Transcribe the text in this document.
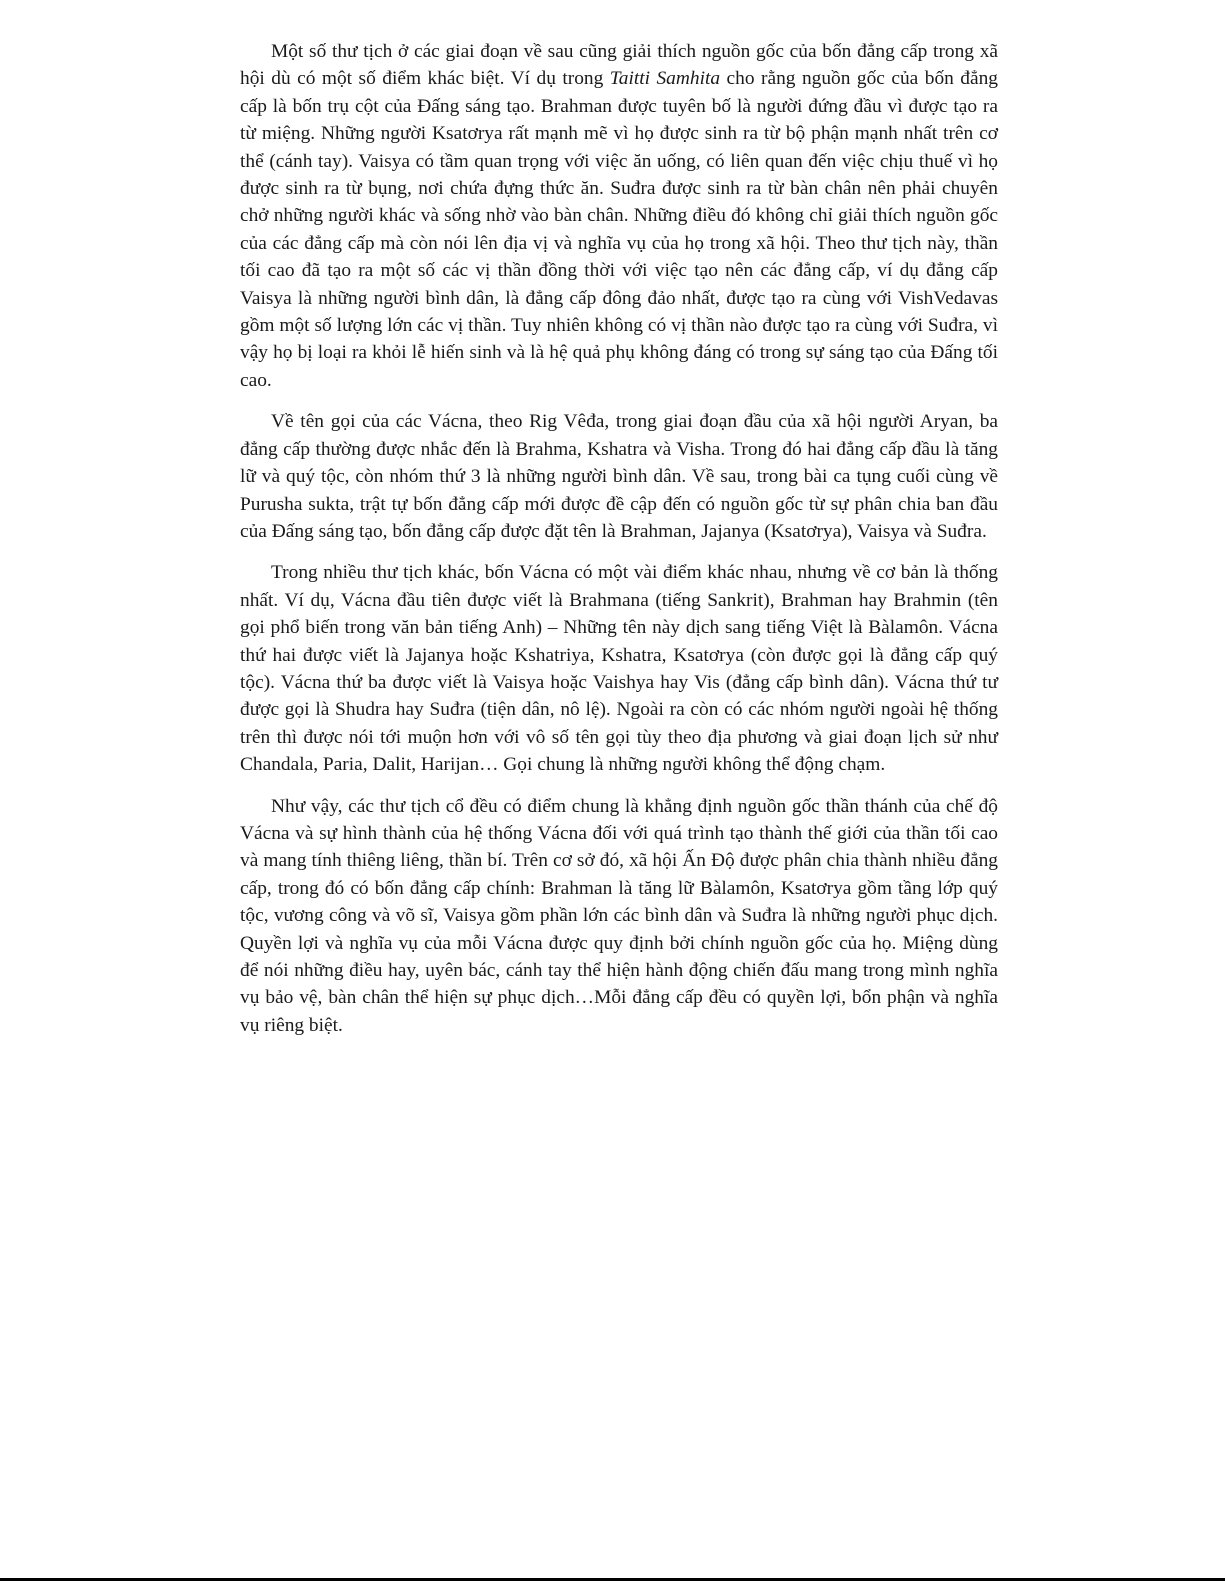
Một số thư tịch ở các giai đoạn về sau cũng giải thích nguồn gốc của bốn đẳng cấp trong xã hội dù có một số điểm khác biệt. Ví dụ trong Taitti Samhita cho rằng nguồn gốc của bốn đẳng cấp là bốn trụ cột của Đấng sáng tạo. Brahman được tuyên bố là người đứng đầu vì được tạo ra từ miệng. Những người Ksatơrya rất mạnh mẽ vì họ được sinh ra từ bộ phận mạnh nhất trên cơ thể (cánh tay). Vaisya có tầm quan trọng với việc ăn uống, có liên quan đến việc chịu thuế vì họ được sinh ra từ bụng, nơi chứa đựng thức ăn. Suđra được sinh ra từ bàn chân nên phải chuyên chở những người khác và sống nhờ vào bàn chân. Những điều đó không chỉ giải thích nguồn gốc của các đẳng cấp mà còn nói lên địa vị và nghĩa vụ của họ trong xã hội. Theo thư tịch này, thần tối cao đã tạo ra một số các vị thần đồng thời với việc tạo nên các đẳng cấp, ví dụ đẳng cấp Vaisya là những người bình dân, là đẳng cấp đông đảo nhất, được tạo ra cùng với VishVedavas gồm một số lượng lớn các vị thần. Tuy nhiên không có vị thần nào được tạo ra cùng với Suđra, vì vậy họ bị loại ra khỏi lễ hiến sinh và là hệ quả phụ không đáng có trong sự sáng tạo của Đấng tối cao.

Về tên gọi của các Vácna, theo Rig Vêđa, trong giai đoạn đầu của xã hội người Aryan, ba đẳng cấp thường được nhắc đến là Brahma, Kshatra và Visha. Trong đó hai đẳng cấp đầu là tăng lữ và quý tộc, còn nhóm thứ 3 là những người bình dân. Về sau, trong bài ca tụng cuối cùng về Purusha sukta, trật tự bốn đẳng cấp mới được đề cập đến có nguồn gốc từ sự phân chia ban đầu của Đấng sáng tạo, bốn đẳng cấp được đặt tên là Brahman, Jajanya (Ksatơrya), Vaisya và Suđra.

Trong nhiều thư tịch khác, bốn Vácna có một vài điểm khác nhau, nhưng về cơ bản là thống nhất. Ví dụ, Vácna đầu tiên được viết là Brahmana (tiếng Sankrit), Brahman hay Brahmin (tên gọi phổ biến trong văn bản tiếng Anh) – Những tên này dịch sang tiếng Việt là Bàlamôn. Vácna thứ hai được viết là Jajanya hoặc Kshatriya, Kshatra, Ksatơrya (còn được gọi là đẳng cấp quý tộc). Vácna thứ ba được viết là Vaisya hoặc Vaishya hay Vis (đẳng cấp bình dân). Vácna thứ tư được gọi là Shudra hay Suđra (tiện dân, nô lệ). Ngoài ra còn có các nhóm người ngoài hệ thống trên thì được nói tới muộn hơn với vô số tên gọi tùy theo địa phương và giai đoạn lịch sử như Chandala, Paria, Dalit, Harijan… Gọi chung là những người không thể động chạm.

Như vậy, các thư tịch cổ đều có điểm chung là khẳng định nguồn gốc thần thánh của chế độ Vácna và sự hình thành của hệ thống Vácna đối với quá trình tạo thành thế giới của thần tối cao và mang tính thiêng liêng, thần bí. Trên cơ sở đó, xã hội Ấn Độ được phân chia thành nhiều đẳng cấp, trong đó có bốn đẳng cấp chính: Brahman là tăng lữ Bàlamôn, Ksatơrya gồm tầng lớp quý tộc, vương công và võ sĩ, Vaisya gồm phần lớn các bình dân và Suđra là những người phục dịch. Quyền lợi và nghĩa vụ của mỗi Vácna được quy định bởi chính nguồn gốc của họ. Miệng dùng để nói những điều hay, uyên bác, cánh tay thể hiện hành động chiến đấu mang trong mình nghĩa vụ bảo vệ, bàn chân thể hiện sự phục dịch…Mỗi đẳng cấp đều có quyền lợi, bổn phận và nghĩa vụ riêng biệt.
